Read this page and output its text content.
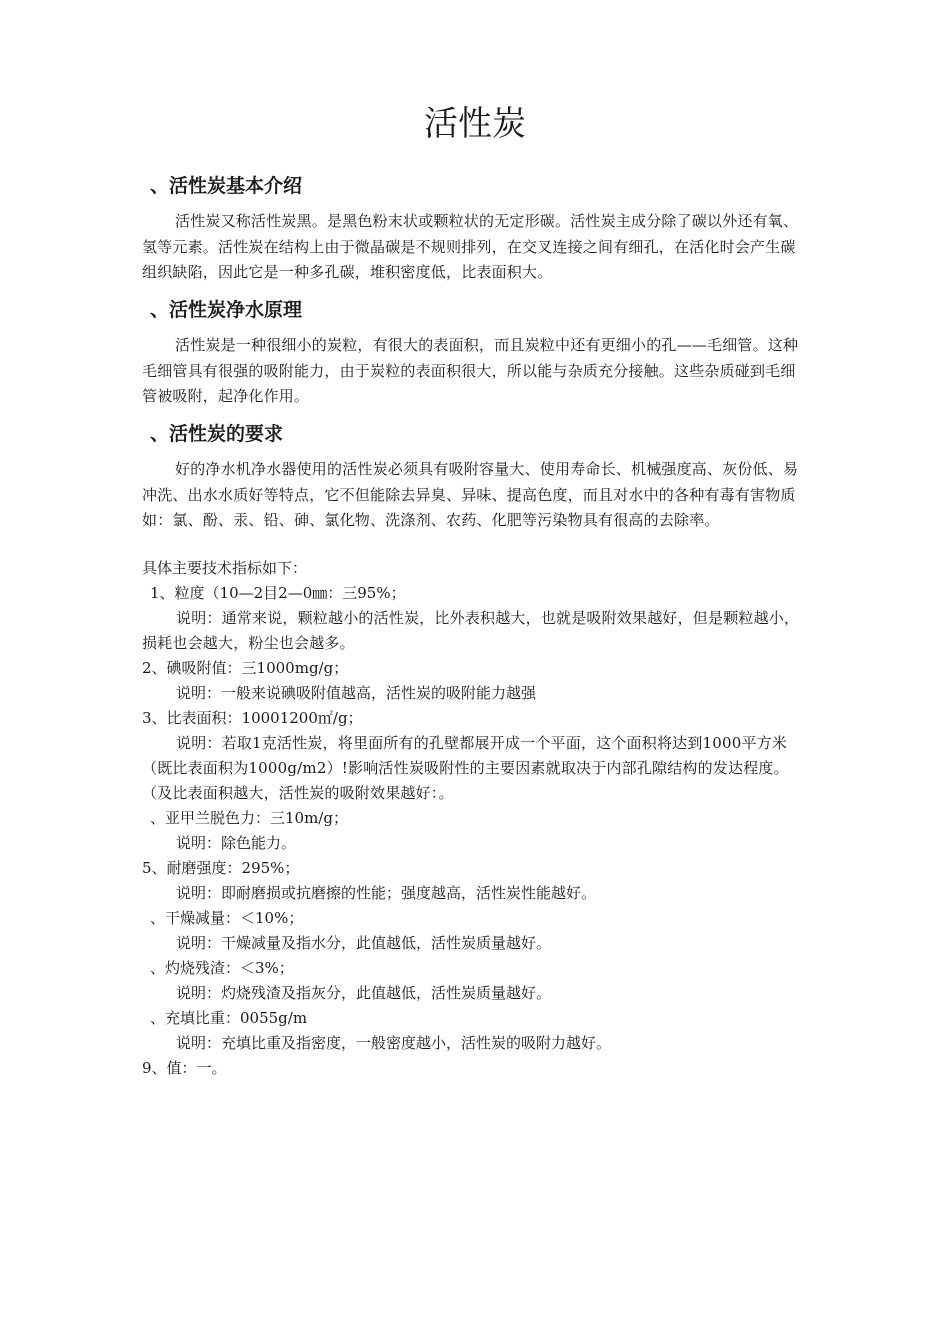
活性炭
、活性炭基本介绍
活性炭又称活性炭黑。是黑色粉末状或颗粒状的无定形碳。活性炭主成分除了碳以外还有氧、氢等元素。活性炭在结构上由于微晶碳是不规则排列，在交叉连接之间有细孔，在活化时会产生碳组织缺陷，因此它是一种多孔碳，堆积密度低，比表面积大。
、活性炭净水原理
活性炭是一种很细小的炭粒，有很大的表面积，而且炭粒中还有更细小的孔——毛细管。这种毛细管具有很强的吸附能力，由于炭粒的表面积很大，所以能与杂质充分接触。这些杂质碰到毛细管被吸附，起净化作用。
、活性炭的要求
好的净水机净水器使用的活性炭必须具有吸附容量大、使用寿命长、机械强度高、灰份低、易冲洗、出水水质好等特点，它不但能除去异臭、异味、提高色度，而且对水中的各种有毒有害物质如：氯、酚、汞、铅、砷、氯化物、洗涤剂、农药、化肥等污染物具有很高的去除率。
具体主要技术指标如下：
1、粒度（10—2目2—0㎜：三95%；
说明：通常来说，颗粒越小的活性炭，比外表积越大，也就是吸附效果越好，但是颗粒越小，损耗也会越大，粉尘也会越多。
2、碘吸附值：三1000mg/g；
说明：一般来说碘吸附值越高，活性炭的吸附能力越强
3、比表面积：10001200㎡/g；
说明：若取1克活性炭，将里面所有的孔壁都展开成一个平面，这个面积将达到1000平方米（既比表面积为1000g/m2）!影响活性炭吸附性的主要因素就取决于内部孔隙结构的发达程度。（及比表面积越大，活性炭的吸附效果越好：。
、亚甲兰脱色力：三10m/g；
说明：除色能力。
5、耐磨强度：295%；
说明：即耐磨损或抗磨擦的性能；强度越高，活性炭性能越好。
、干燥减量：＜10%；
说明：干燥减量及指水分，此值越低，活性炭质量越好。
、灼烧残渣：＜3%；
说明：灼烧残渣及指灰分，此值越低，活性炭质量越好。
、充填比重：0055g/m
说明：充填比重及指密度，一般密度越小，活性炭的吸附力越好。
9、值：一。
